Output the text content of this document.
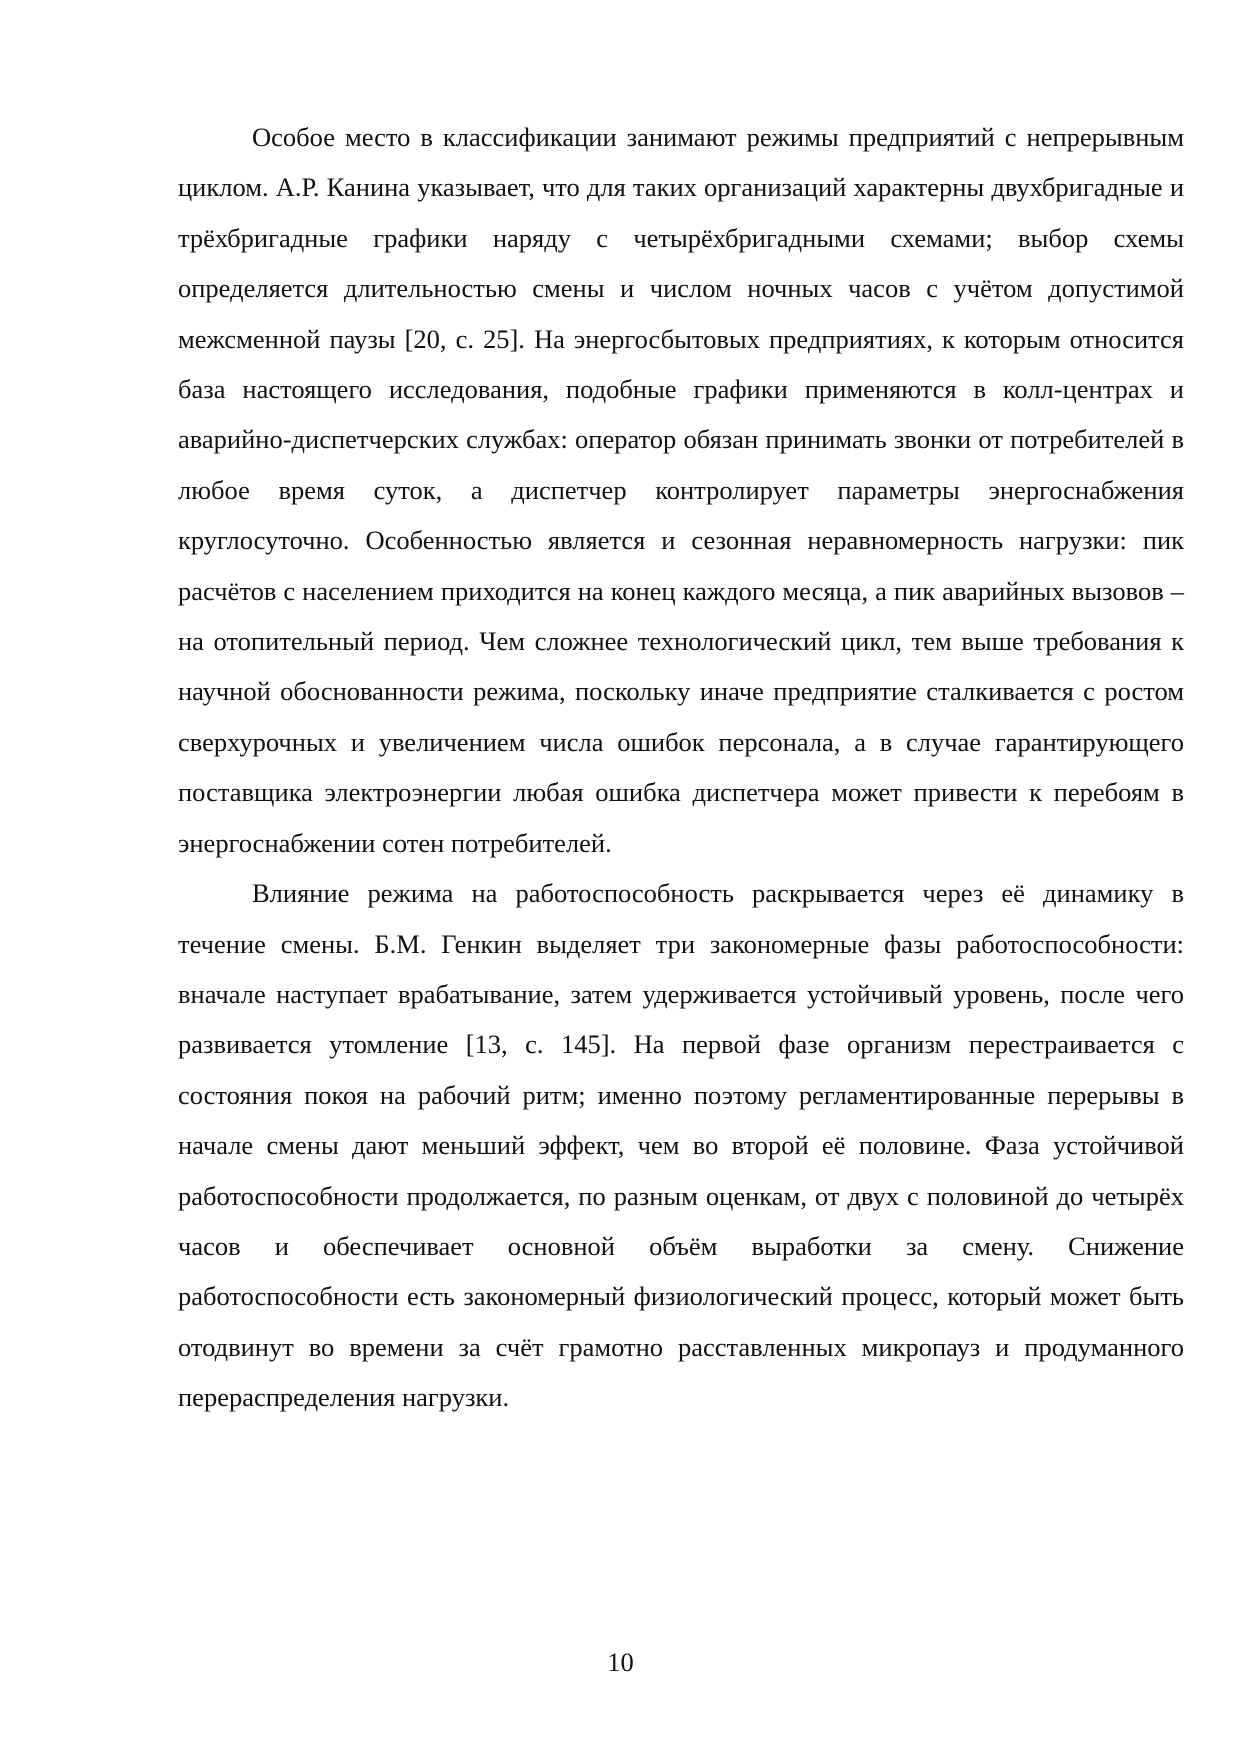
Особое место в классификации занимают режимы предприятий с непрерывным циклом. А.Р. Канина указывает, что для таких организаций характерны двухбригадные и трёхбригадные графики наряду с четырёхбригадными схемами; выбор схемы определяется длительностью смены и числом ночных часов с учётом допустимой межсменной паузы [20, с. 25]. На энергосбытовых предприятиях, к которым относится база настоящего исследования, подобные графики применяются в колл-центрах и аварийно-диспетчерских службах: оператор обязан принимать звонки от потребителей в любое время суток, а диспетчер контролирует параметры энергоснабжения круглосуточно. Особенностью является и сезонная неравномерность нагрузки: пик расчётов с населением приходится на конец каждого месяца, а пик аварийных вызовов – на отопительный период. Чем сложнее технологический цикл, тем выше требования к научной обоснованности режима, поскольку иначе предприятие сталкивается с ростом сверхурочных и увеличением числа ошибок персонала, а в случае гарантирующего поставщика электроэнергии любая ошибка диспетчера может привести к перебоям в энергоснабжении сотен потребителей.

Влияние режима на работоспособность раскрывается через её динамику в течение смены. Б.М. Генкин выделяет три закономерные фазы работоспособности: вначале наступает врабатывание, затем удерживается устойчивый уровень, после чего развивается утомление [13, с. 145]. На первой фазе организм перестраивается с состояния покоя на рабочий ритм; именно поэтому регламентированные перерывы в начале смены дают меньший эффект, чем во второй её половине. Фаза устойчивой работоспособности продолжается, по разным оценкам, от двух с половиной до четырёх часов и обеспечивает основной объём выработки за смену. Снижение работоспособности есть закономерный физиологический процесс, который может быть отодвинут во времени за счёт грамотно расставленных микропауз и продуманного перераспределения нагрузки.

10
